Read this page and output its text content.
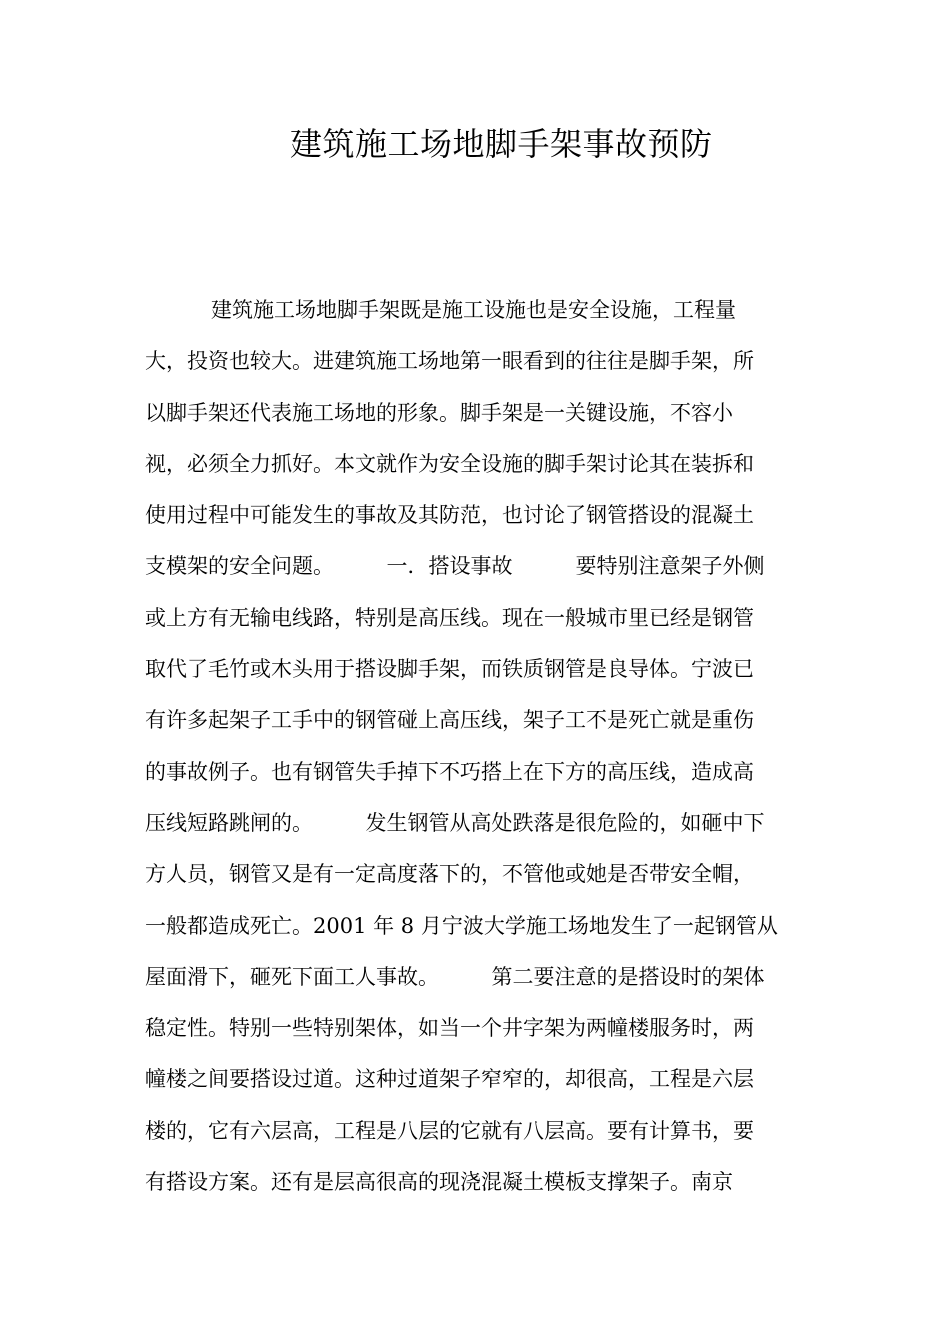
建筑施工场地脚手架事故预防
建筑施工场地脚手架既是施工设施也是安全设施，工程量
大，投资也较大。进建筑施工场地第一眼看到的往往是脚手架，所
以脚手架还代表施工场地的形象。脚手架是一关键设施，不容小
视，必须全力抓好。本文就作为安全设施的脚手架讨论其在装拆和
使用过程中可能发生的事故及其防范，也讨论了钢管搭设的混凝土
支模架的安全问题。　　　一．搭设事故　　　要特别注意架子外侧
或上方有无输电线路，特别是高压线。现在一般城市里已经是钢管
取代了毛竹或木头用于搭设脚手架，而铁质钢管是良导体。宁波已
有许多起架子工手中的钢管碰上高压线，架子工不是死亡就是重伤
的事故例子。也有钢管失手掉下不巧搭上在下方的高压线，造成高
压线短路跳闸的。　　　发生钢管从高处跌落是很危险的，如砸中下
方人员，钢管又是有一定高度落下的，不管他或她是否带安全帽，
一般都造成死亡。2001 年 8 月宁波大学施工场地发生了一起钢管从
屋面滑下，砸死下面工人事故。　　　第二要注意的是搭设时的架体
稳定性。特别一些特别架体，如当一个井字架为两幢楼服务时，两
幢楼之间要搭设过道。这种过道架子窄窄的，却很高，工程是六层
楼的，它有六层高，工程是八层的它就有八层高。要有计算书，要
有搭设方案。还有是层高很高的现浇混凝土模板支撑架子。南京
